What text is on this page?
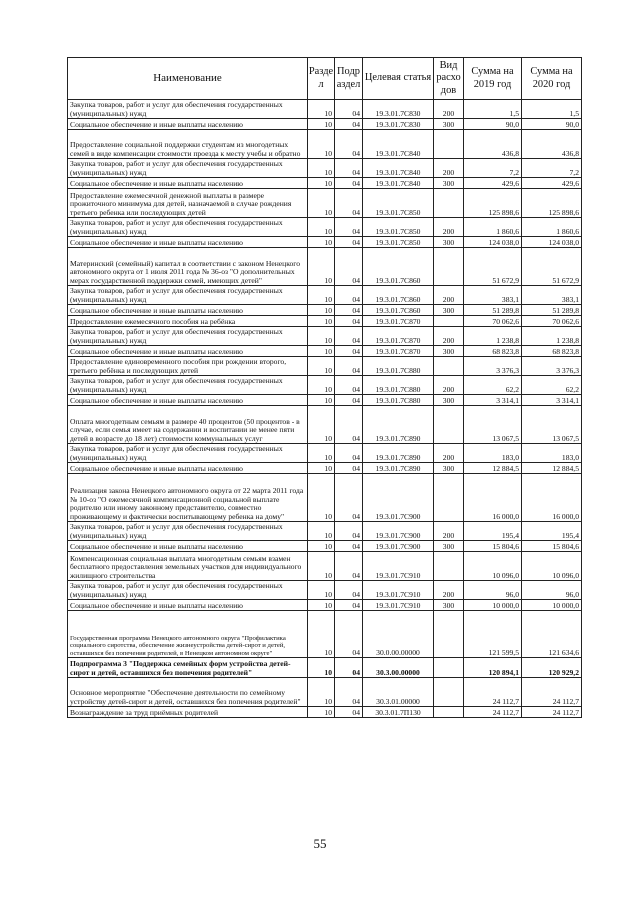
Наименование	Разде л	Подр аздел	Целевая статья	Вид расхо дов	Сумма на 2019 год	Сумма на 2020 год
Закупка товаров, работ и услуг для обеспечения государственных (муниципальных) нужд	10	04	19.3.01.7С830	200	1,5	1,5
Социальное обеспечение и иные выплаты населению	10	04	19.3.01.7С830	300	90,0	90,0
Предоставление социальной поддержки студентам из многодетных семей в виде компенсации стоимости проезда к месту учебы и обратно	10	04	19.3.01.7С840		436,8	436,8
Закупка товаров, работ и услуг для обеспечения государственных (муниципальных) нужд	10	04	19.3.01.7С840	200	7,2	7,2
Социальное обеспечение и иные выплаты населению	10	04	19.3.01.7С840	300	429,6	429,6
Предоставление ежемесячной денежной выплаты в размере прожиточного минимума для детей, назначаемой в случае рождения третьего ребенка или последующих детей	10	04	19.3.01.7С850		125 898,6	125 898,6
Закупка товаров, работ и услуг для обеспечения государственных (муниципальных) нужд	10	04	19.3.01.7С850	200	1 860,6	1 860,6
Социальное обеспечение и иные выплаты населению	10	04	19.3.01.7С850	300	124 038,0	124 038,0
Материнский (семейный) капитал в соответствии с законом Ненецкого автономного округа от 1 июля 2011 года № 36-оз "О дополнительных мерах государственной поддержки семей, имеющих детей"	10	04	19.3.01.7С860		51 672,9	51 672,9
Закупка товаров, работ и услуг для обеспечения государственных (муниципальных) нужд	10	04	19.3.01.7С860	200	383,1	383,1
Социальное обеспечение и иные выплаты населению	10	04	19.3.01.7С860	300	51 289,8	51 289,8
Предоставление ежемесячного пособия на ребёнка	10	04	19.3.01.7С870		70 062,6	70 062,6
Закупка товаров, работ и услуг для обеспечения государственных (муниципальных) нужд	10	04	19.3.01.7С870	200	1 238,8	1 238,8
Социальное обеспечение и иные выплаты населению	10	04	19.3.01.7С870	300	68 823,8	68 823,8
Предоставление единовременного пособия при рождении второго, третьего ребёнка и последующих детей	10	04	19.3.01.7С880		3 376,3	3 376,3
Закупка товаров, работ и услуг для обеспечения государственных (муниципальных) нужд	10	04	19.3.01.7С880	200	62,2	62,2
Социальное обеспечение и иные выплаты населению	10	04	19.3.01.7С880	300	3 314,1	3 314,1
Оплата многодетным семьям в размере 40 процентов (50 процентов - в случае, если семья имеет на содержании и воспитании не менее пяти детей в возрасте до 18 лет) стоимости коммунальных услуг	10	04	19.3.01.7С890		13 067,5	13 067,5
Закупка товаров, работ и услуг для обеспечения государственных (муниципальных) нужд	10	04	19.3.01.7С890	200	183,0	183,0
Социальное обеспечение и иные выплаты населению	10	04	19.3.01.7С890	300	12 884,5	12 884,5
Реализация закона Ненецкого автономного округа от 22 марта 2011 года № 10-оз "О ежемесячной компенсационной социальной выплате родителю или иному законному представителю, совместно проживающему и фактически воспитывающему ребенка на дому"	10	04	19.3.01.7С900		16 000,0	16 000,0
Закупка товаров, работ и услуг для обеспечения государственных (муниципальных) нужд	10	04	19.3.01.7С900	200	195,4	195,4
Социальное обеспечение и иные выплаты населению	10	04	19.3.01.7С900	300	15 804,6	15 804,6
Компенсационная социальная выплата многодетным семьям взамен бесплатного предоставления земельных участков для индивидуального жилищного строительства	10	04	19.3.01.7С910		10 096,0	10 096,0
Закупка товаров, работ и услуг для обеспечения государственных (муниципальных) нужд	10	04	19.3.01.7С910	200	96,0	96,0
Социальное обеспечение и иные выплаты населению	10	04	19.3.01.7С910	300	10 000,0	10 000,0
Государственная программа Ненецкого автономного округа "Профилактика социального сиротства, обеспечение жизнеустройства детей-сирот и детей, оставшихся без попечения родителей, в Ненецком автономном округе"	10	04	30.0.00.00000		121 599,5	121 634,6
Подпрограмма 3 "Поддержка семейных форм устройства детей-сирот и детей, оставшихся без попечения родителей"	10	04	30.3.00.00000		120 894,1	120 929,2
Основное мероприятие "Обеспечение деятельности по семейному устройству детей-сирот и детей, оставшихся без попечения родителей"	10	04	30.3.01.00000		24 112,7	24 112,7
Вознаграждение за труд приёмных родителей	10	04	30.3.01.7П130		24 112,7	24 112,7
55
